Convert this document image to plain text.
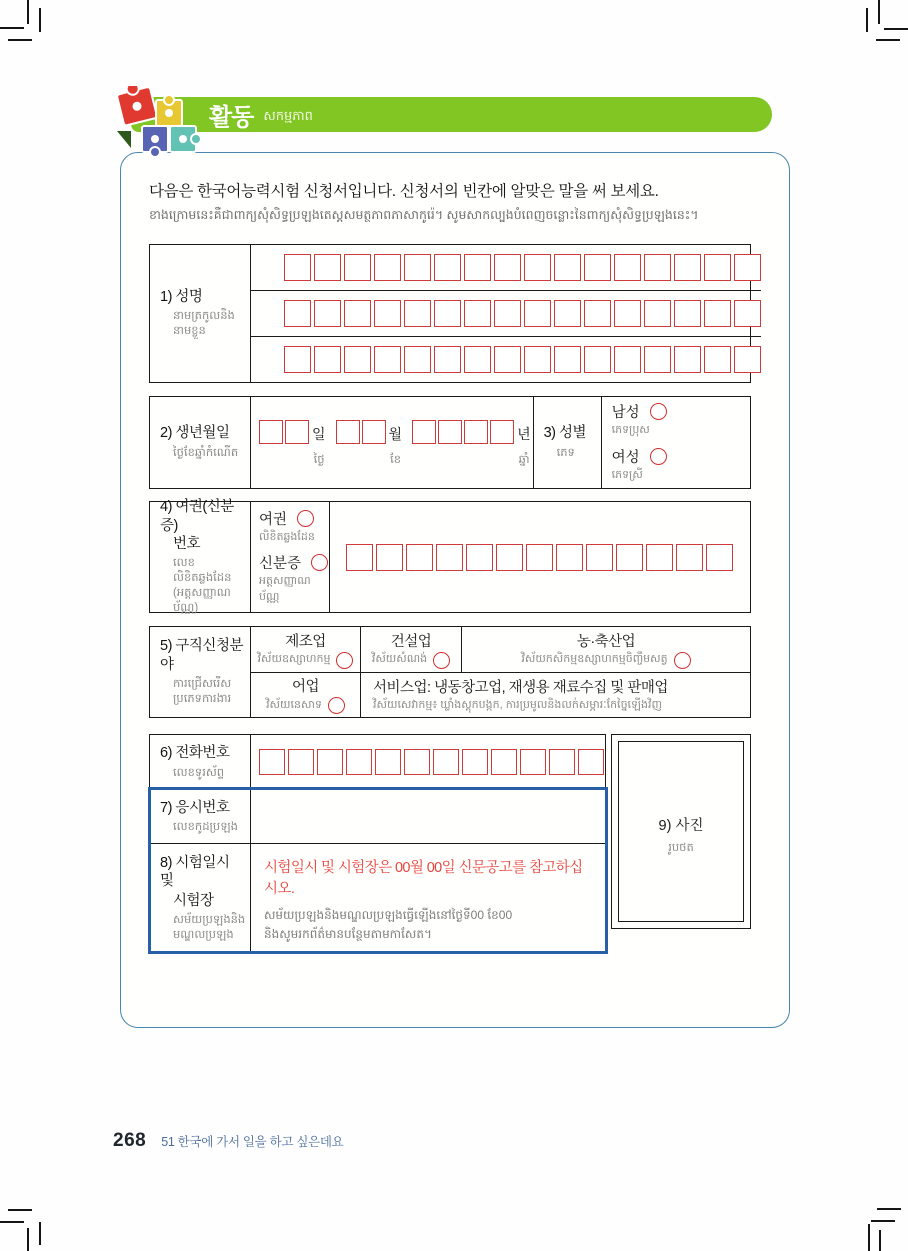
활동 សកម្មភាព
다음은 한국어능력시험 신청서입니다. 신청서의 빈칸에 알맞은 말을 써 보세요.
ខាងក្រោមនេះគឺជាពាក្យសុំសិទ្ធប្រឡងតេស្តសមត្ថភាពភាសាកូរ៉េ។ សូមសាកល្បងបំពេញចន្លោះនៃពាក្យសុំសិទ្ធប្រឡងនេះ។
1) 성명
នាមត្រកូលនិងនាមខ្លួន
2) 생년월일
ថ្ងៃខែឆ្នាំកំណើត
일
ថ្ងៃ
월
ខែ
년
ឆ្នាំ
3) 성별
ភេទ
남성
ភេទប្រុស
여성
ភេទស្រី
4) 여권(신분증)
번호
លេខលិខិតឆ្លងដែន
(អត្តសញ្ញាណប័ណ្ណ)
여권
លិខិតឆ្លងដែន
신분증
អត្តសញ្ញាណប័ណ្ណ
5) 구직신청분야
ការជ្រើសរើស
ប្រភេទការងារ
제조업
វិស័យឧស្សាហកម្ម
건설업
វិស័យសំណង់
농·축산업
វិស័យកសិកម្មឧស្សាហកម្មចិញ្ចឹមសត្វ
어업
វិស័យនេសាទ
서비스업: 냉동창고업, 재생용 재료수집 및 판매업
វិស័យសេវាកម្ម៖ ឃ្លាំងស្តុកបង្កក, ការប្រមូលនិងលក់សម្ភារៈកែច្នៃឡើងវិញ
6) 전화번호
លេខទូរស័ព្ទ
7) 응시번호
លេខកូដប្រឡង
8) 시험일시 및
시험장
សម័យប្រឡងនិង
មណ្ឌលប្រឡង
시험일시 및 시험장은 00월 00일 신문공고를 참고하십시오.
សម័យប្រឡងនិងមណ្ឌលប្រឡងធ្វើឡើងនៅថ្ងៃទី00 ខែ00
និងសូមរកព័ត៌មានបន្ថែមតាមកាសែត។
9) 사진
រូបថត
268 51 한국에 가서 일을 하고 싶은데요
